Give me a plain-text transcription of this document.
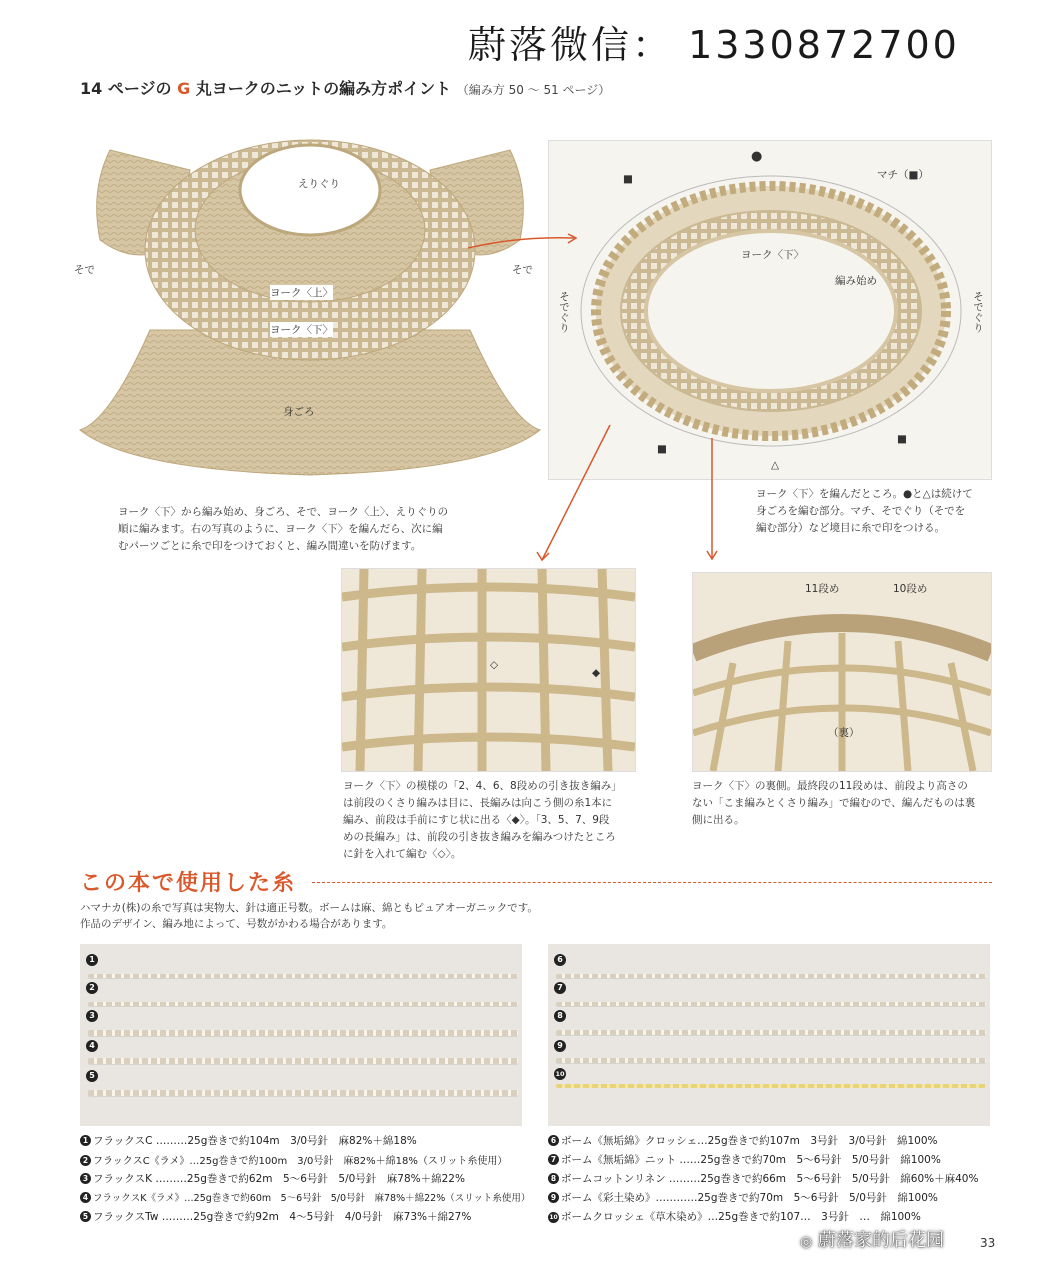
蔚落微信： 1330872700
14 ページの G 丸ヨークのニットの編み方ポイント （編み方 50 ～ 51 ページ）
えりぐり
そで	そで
ヨーク〈上〉
ヨーク〈下〉
身ごろ
●
マチ（■）
ヨーク〈下〉
編み始め
そでぐり	そでぐり
△
■
■
■
ヨーク〈下〉から編み始め、身ごろ、そで、ヨーク〈上〉、えりぐりの
順に編みます。右の写真のように、ヨーク〈下〉を編んだら、次に編
むパーツごとに糸で印をつけておくと、編み間違いを防げます。
ヨーク〈下〉を編んだところ。●と△は続けて
身ごろを編む部分。マチ、そでぐり（そでを
編む部分）など境目に糸で印をつける。
◇
◆
ヨーク〈下〉の模様の「2、4、6、8段めの引き抜き編み」
は前段のくさり編みは目に、長編みは向こう側の糸1本に
編み、前段は手前にすじ状に出る〈◆〉。「3、5、7、9段
めの長編み」は、前段の引き抜き編みを編みつけたところ
に針を入れて編む〈◇〉。
11段め	10段め
（裏）
ヨーク〈下〉の裏側。最終段の11段めは、前段より高さの
ない「こま編みとくさり編み」で編むので、編んだものは裏
側に出る。
この本で使用した糸
ハマナカ(株)の糸で写真は実物大、針は適正号数。ボームは麻、綿ともピュアオーガニックです。
作品のデザイン、編み地によって、号数がかわる場合があります。
1
2
3
4
5
6
7
8
9
10
1 フラックスC ………25g巻きで約104m　3/0号針　麻82%＋綿18%
2 フラックスC《ラメ》…25g巻きで約100m　3/0号針　麻82%＋綿18%（スリット糸使用）
3 フラックスK ………25g巻きで約62m　5～6号針　5/0号針　麻78%＋綿22%
4 フラックスK《ラメ》…25g巻きで約60m　5～6号針　5/0号針　麻78%＋綿22%（スリット糸使用）
5 フラックスTw ………25g巻きで約92m　4～5号針　4/0号針　麻73%＋綿27%
6 ボーム《無垢綿》クロッシェ…25g巻きで約107m　3号針　3/0号針　綿100%
7 ボーム《無垢綿》ニット ……25g巻きで約70m　5～6号針　5/0号針　綿100%
8 ボームコットンリネン ………25g巻きで約66m　5～6号針　5/0号針　綿60%＋麻40%
9 ボーム《彩土染め》…………25g巻きで約70m　5～6号針　5/0号針　綿100%
10 ボームクロッシェ《草木染め》…25g巻きで約107…　3号針　…　綿100%
33
◎ 蔚落家的后花园
